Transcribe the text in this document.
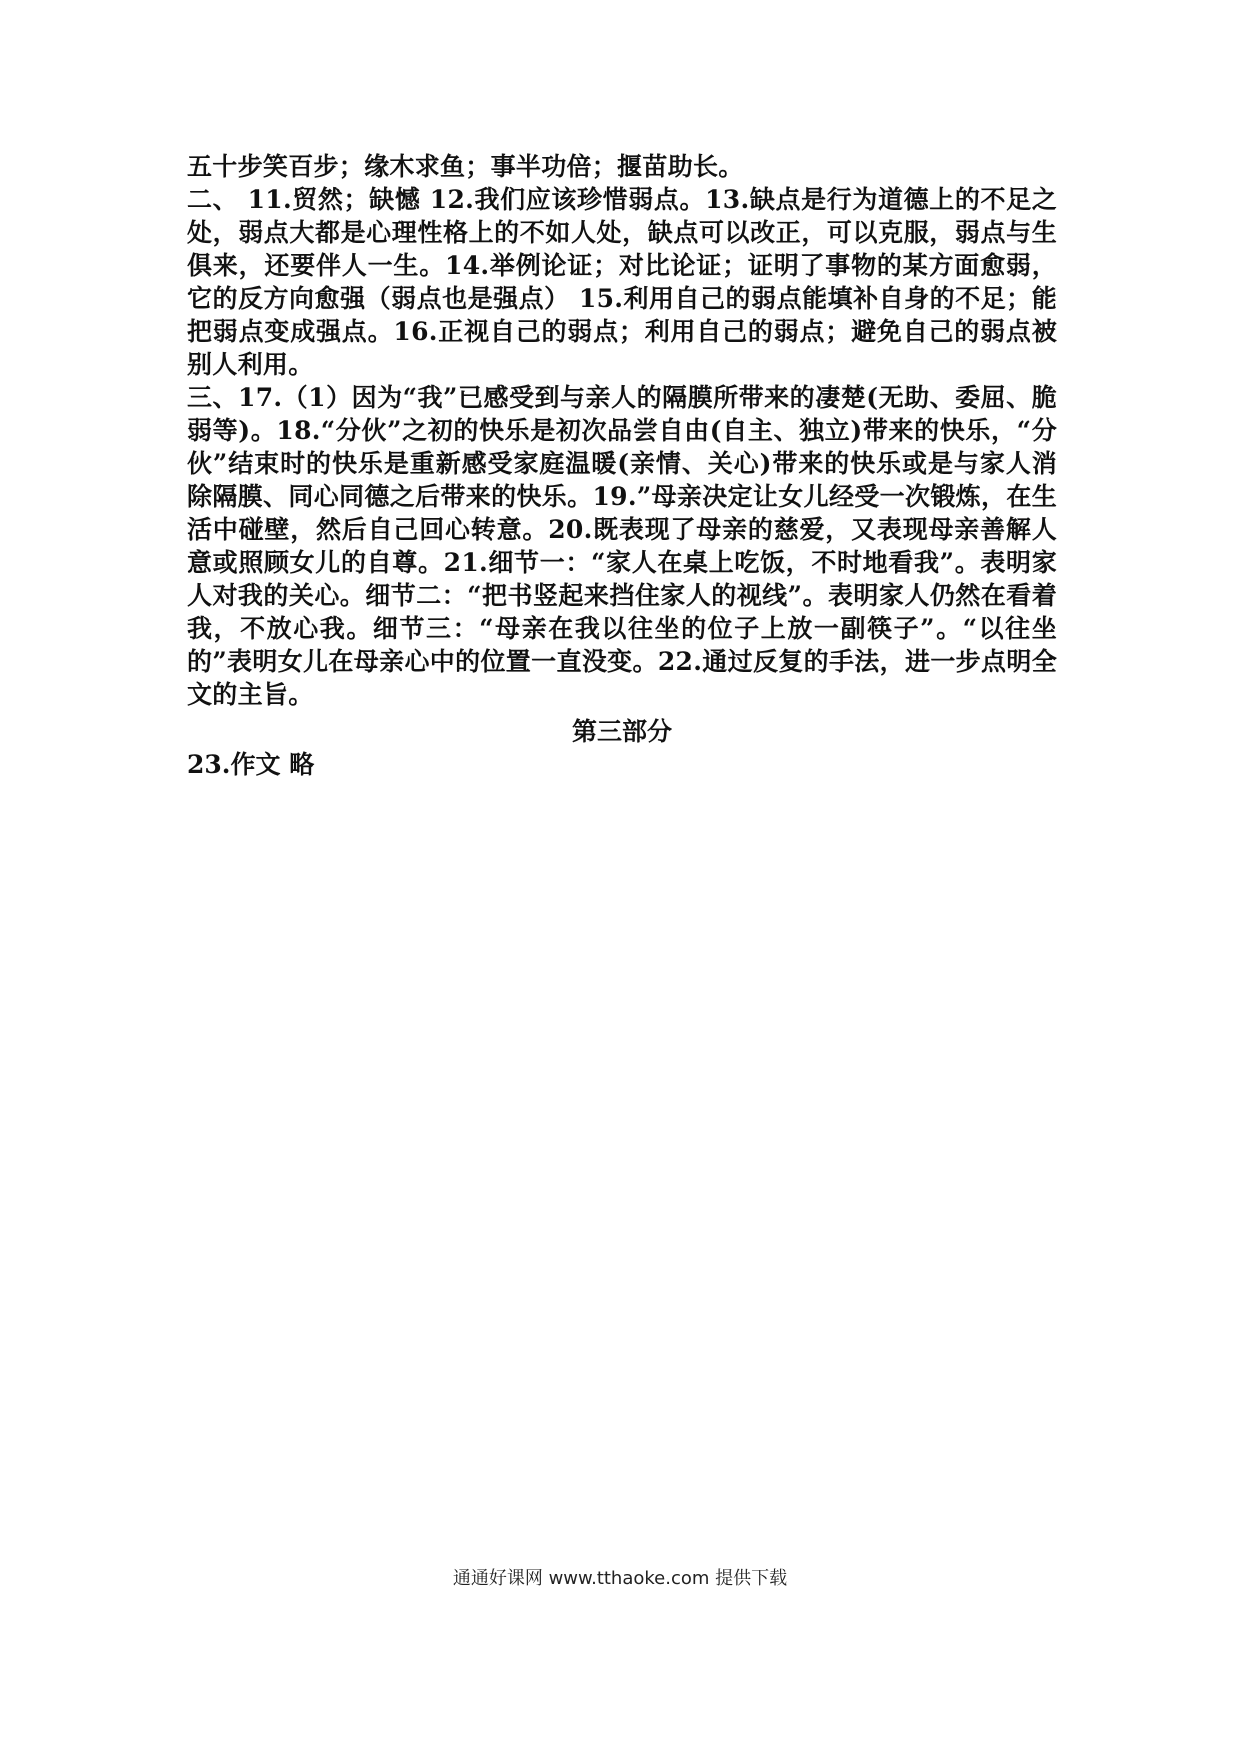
五十步笑百步；缘木求鱼；事半功倍；揠苗助长。

二、 11.贸然；缺憾 12.我们应该珍惜弱点。13.缺点是行为道德上的不足之处，弱点大都是心理性格上的不如人处，缺点可以改正，可以克服，弱点与生俱来，还要伴人一生。14.举例论证；对比论证；证明了事物的某方面愈弱，它的反方向愈强（弱点也是强点） 15.利用自己的弱点能填补自身的不足；能把弱点变成强点。16.正视自己的弱点；利用自己的弱点；避免自己的弱点被别人利用。

三、17.（1）因为“我”已感受到与亲人的隔膜所带来的凄楚(无助、委屈、脆弱等)。18.“分伙”之初的快乐是初次品尝自由(自主、独立)带来的快乐，“分伙”结束时的快乐是重新感受家庭温暖(亲情、关心)带来的快乐或是与家人消除隔膜、同心同德之后带来的快乐。19.”母亲决定让女儿经受一次锻炼，在生活中碰壁，然后自己回心转意。20.既表现了母亲的慈爱，又表现母亲善解人意或照顾女儿的自尊。21.细节一：“家人在桌上吃饭，不时地看我”。表明家人对我的关心。细节二：“把书竖起来挡住家人的视线”。表明家人仍然在看着我，不放心我。细节三：“母亲在我以往坐的位子上放一副筷子”。“以往坐的”表明女儿在母亲心中的位置一直没变。22.通过反复的手法，进一步点明全文的主旨。

第三部分

23.作文 略

通通好课网 www.tthaoke.com 提供下载
